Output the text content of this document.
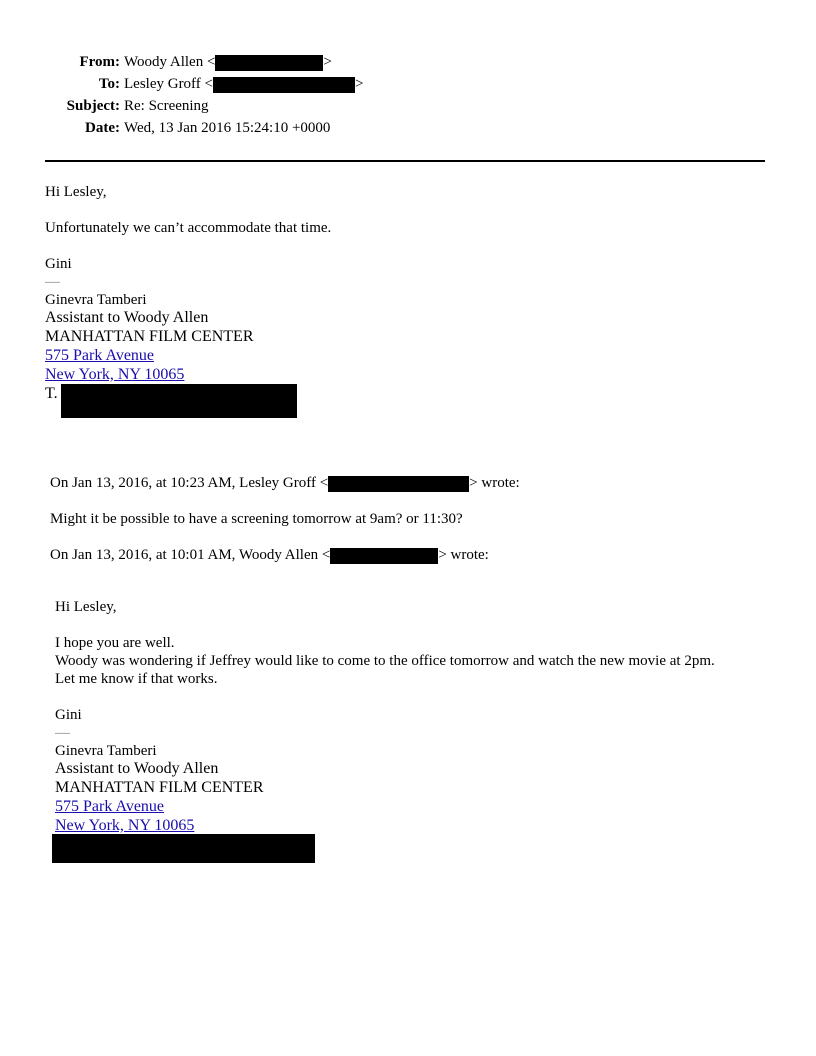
From: Woody Allen <	>
To: Lesley Groff <	>
Subject: Re: Screening
Date: Wed, 13 Jan 2016 15:24:10 +0000
Hi Lesley,
Unfortunately we can’t accommodate that time.
Gini
—
Ginevra Tamberi
Assistant to Woody Allen
MANHATTAN FILM CENTER
575 Park Avenue
New York, NY 10065
T.
On Jan 13, 2016, at 10:23 AM, Lesley Groff <	> wrote:
Might it be possible to have a screening tomorrow at 9am? or 11:30?
On Jan 13, 2016, at 10:01 AM, Woody Allen <	> wrote:
Hi Lesley,
I hope you are well.
Woody was wondering if Jeffrey would like to come to the office tomorrow and watch the new movie at 2pm.
Let me know if that works.
Gini
—
Ginevra Tamberi
Assistant to Woody Allen
MANHATTAN FILM CENTER
575 Park Avenue
New York, NY 10065
